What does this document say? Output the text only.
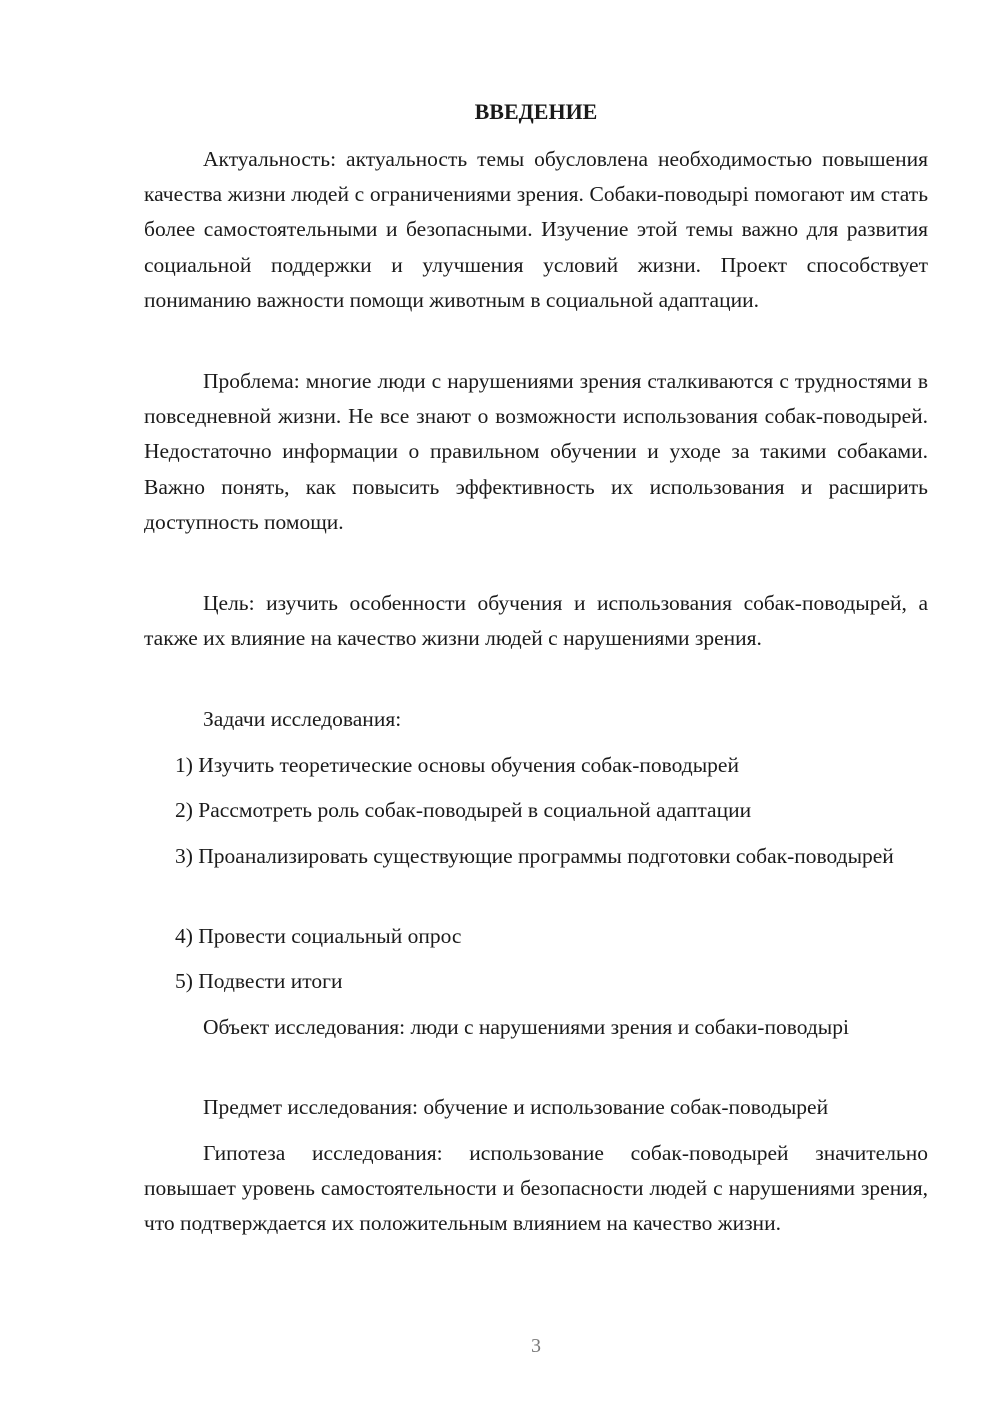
ВВЕДЕНИЕ
Актуальность: актуальность темы обусловлена необходимостью повышения качества жизни людей с ограничениями зрения. Собаки-поводырі помогают им стать более самостоятельными и безопасными. Изучение этой темы важно для развития социальной поддержки и улучшения условий жизни. Проект способствует пониманию важности помощи животным в социальной адаптации.
Проблема: многие люди с нарушениями зрения сталкиваются с трудностями в повседневной жизни. Не все знают о возможности использования собак-поводырей. Недостаточно информации о правильном обучении и уходе за такими собаками. Важно понять, как повысить эффективность их использования и расширить доступность помощи.
Цель: изучить особенности обучения и использования собак-поводырей, а также их влияние на качество жизни людей с нарушениями зрения.
Задачи исследования:
1) Изучить теоретические основы обучения собак-поводырей
2) Рассмотреть роль собак-поводырей в социальной адаптации
3) Проанализировать существующие программы подготовки собак-поводырей
4) Провести социальный опрос
5) Подвести итоги
Объект исследования: люди с нарушениями зрения и собаки-поводырі
Предмет исследования: обучение и использование собак-поводырей
Гипотеза исследования: использование собак-поводырей значительно повышает уровень самостоятельности и безопасности людей с нарушениями зрения, что подтверждается их положительным влиянием на качество жизни.
3
